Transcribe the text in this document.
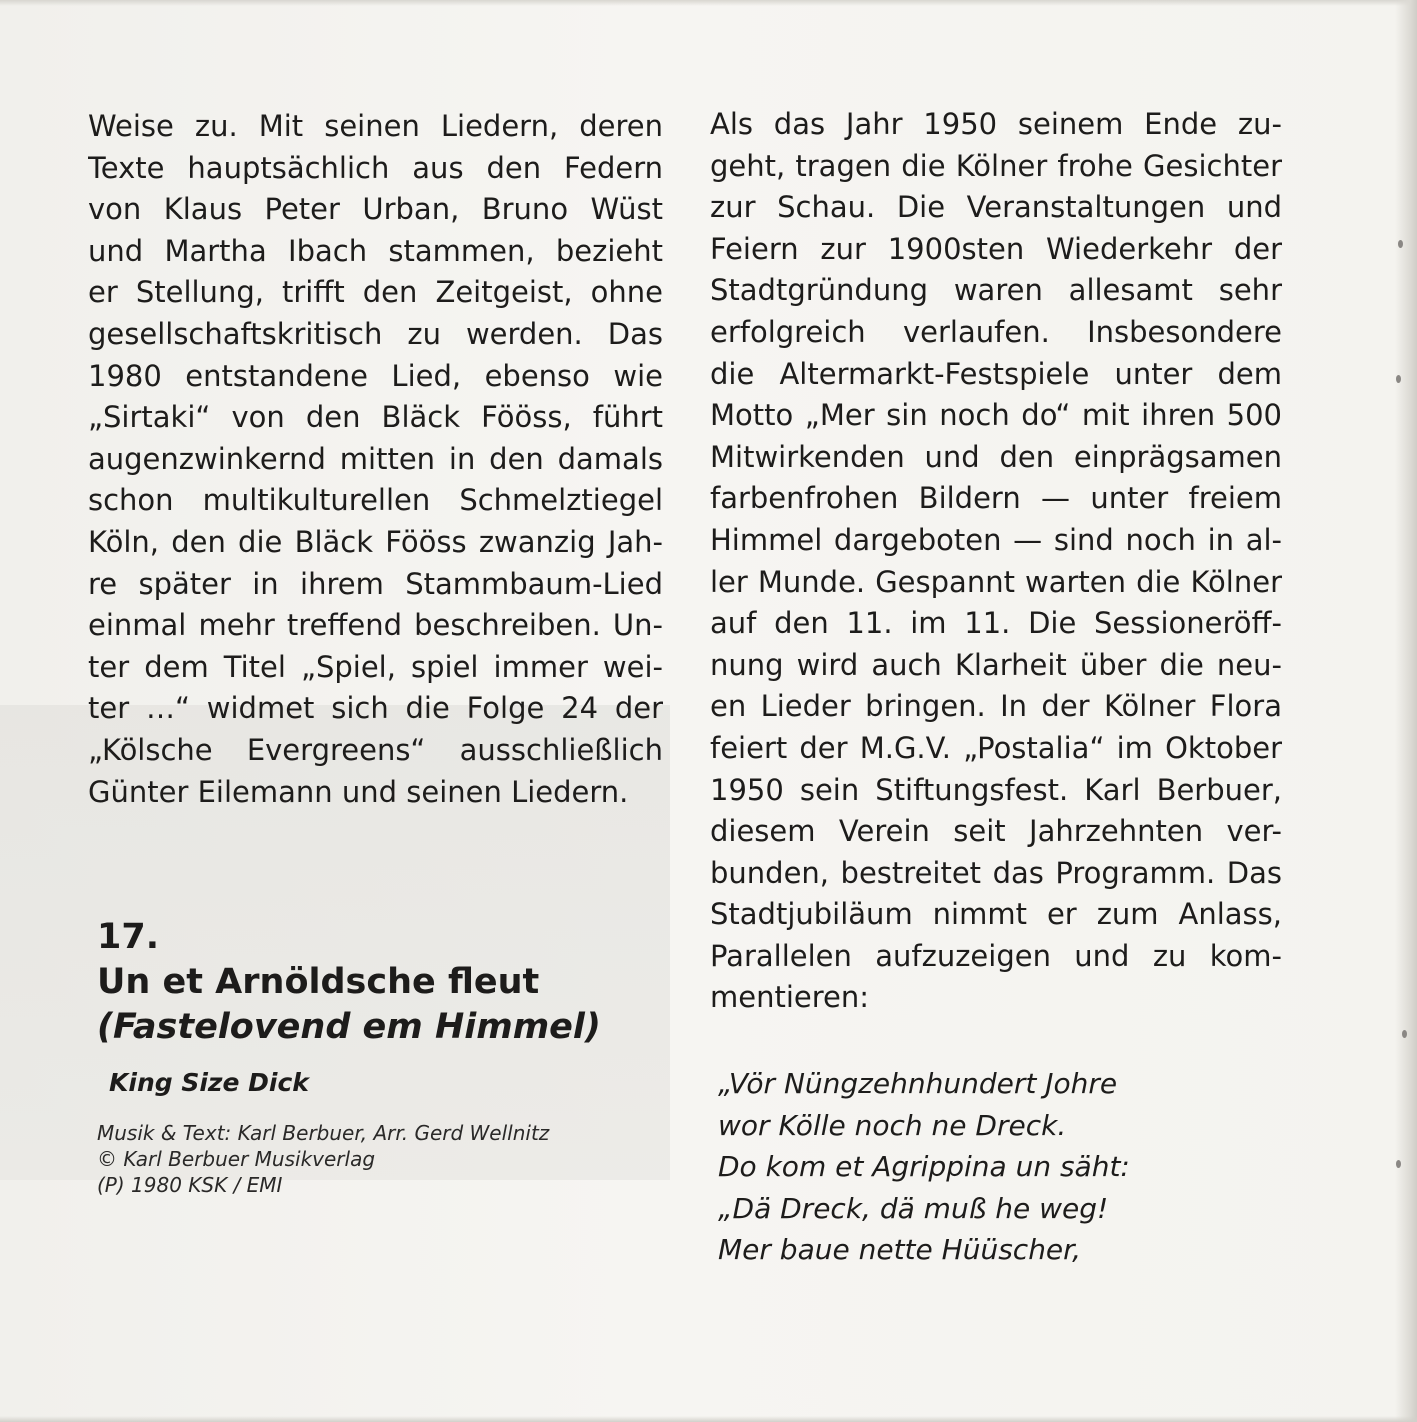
Weise zu. Mit seinen Liedern, deren
Texte hauptsächlich aus den Federn
von Klaus Peter Urban, Bruno Wüst
und Martha Ibach stammen, bezieht
er Stellung, trifft den Zeitgeist, ohne
gesellschaftskritisch zu werden. Das
1980 entstandene Lied, ebenso wie
„Sirtaki“ von den Bläck Fööss, führt
augenzwinkernd mitten in den damals
schon multikulturellen Schmelztiegel
Köln, den die Bläck Fööss zwanzig Jah-
re später in ihrem Stammbaum-Lied
einmal mehr treffend beschreiben. Un-
ter dem Titel „Spiel, spiel immer wei-
ter …“ widmet sich die Folge 24 der
„Kölsche Evergreens“ ausschließlich
Günter Eilemann und seinen Liedern.
17.
Un et Arnöldsche fleut
(Fastelovend em Himmel)
King Size Dick
Musik & Text: Karl Berbuer, Arr. Gerd Wellnitz
© Karl Berbuer Musikverlag
(P) 1980 KSK / EMI
Als das Jahr 1950 seinem Ende zu-
geht, tragen die Kölner frohe Gesichter
zur Schau. Die Veranstaltungen und
Feiern zur 1900sten Wiederkehr der
Stadtgründung waren allesamt sehr
erfolgreich verlaufen. Insbesondere
die Altermarkt-Festspiele unter dem
Motto „Mer sin noch do“ mit ihren 500
Mitwirkenden und den einprägsamen
farbenfrohen Bildern — unter freiem
Himmel dargeboten — sind noch in al-
ler Munde. Gespannt warten die Kölner
auf den 11. im 11. Die Sessioneröff-
nung wird auch Klarheit über die neu-
en Lieder bringen. In der Kölner Flora
feiert der M.G.V. „Postalia“ im Oktober
1950 sein Stiftungsfest. Karl Berbuer,
diesem Verein seit Jahrzehnten ver-
bunden, bestreitet das Programm. Das
Stadtjubiläum nimmt er zum Anlass,
Parallelen aufzuzeigen und zu kom-
mentieren:
„Vör Nüngzehnhundert Johre
wor Kölle noch ne Dreck.
Do kom et Agrippina un säht:
„Dä Dreck, dä muß he weg!
Mer baue nette Hüüscher,
